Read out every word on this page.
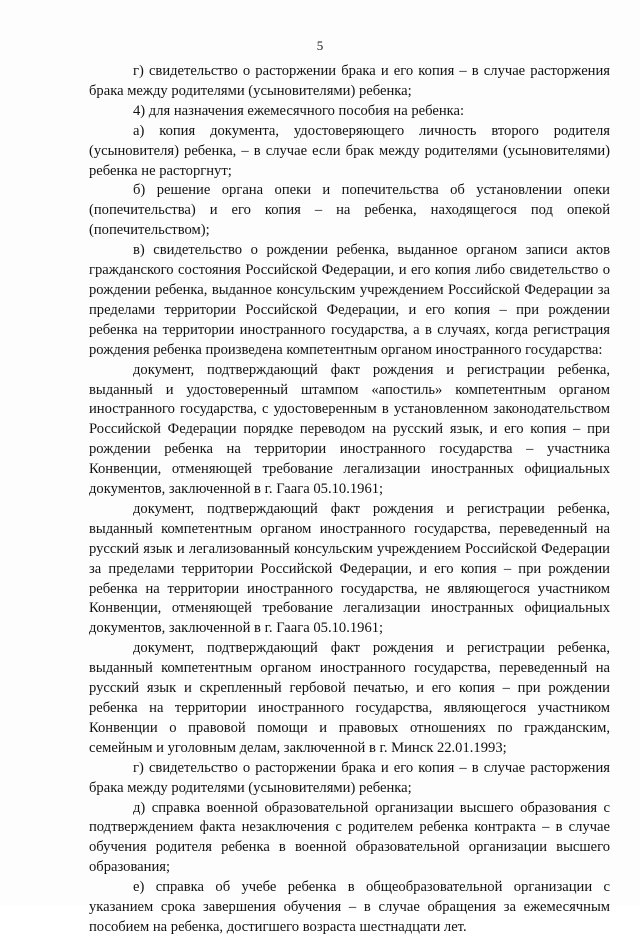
5

г) свидетельство о расторжении брака и его копия – в случае расторжения брака между родителями (усыновителями) ребенка;

4) для назначения ежемесячного пособия на ребенка:

а) копия документа, удостоверяющего личность второго родителя (усыновителя) ребенка, – в случае если брак между родителями (усыновителями) ребенка не расторгнут;

б) решение органа опеки и попечительства об установлении опеки (попечительства) и его копия – на ребенка, находящегося под опекой (попечительством);

в) свидетельство о рождении ребенка, выданное органом записи актов гражданского состояния Российской Федерации, и его копия либо свидетельство о рождении ребенка, выданное консульским учреждением Российской Федерации за пределами территории Российской Федерации, и его копия – при рождении ребенка на территории иностранного государства, а в случаях, когда регистрация рождения ребенка произведена компетентным органом иностранного государства:

документ, подтверждающий факт рождения и регистрации ребенка, выданный и удостоверенный штампом «апостиль» компетентным органом иностранного государства, с удостоверенным в установленном законодательством Российской Федерации порядке переводом на русский язык, и его копия – при рождении ребенка на территории иностранного государства – участника Конвенции, отменяющей требование легализации иностранных официальных документов, заключенной в г. Гаага 05.10.1961;

документ, подтверждающий факт рождения и регистрации ребенка, выданный компетентным органом иностранного государства, переведенный на русский язык и легализованный консульским учреждением Российской Федерации за пределами территории Российской Федерации, и его копия – при рождении ребенка на территории иностранного государства, не являющегося участником Конвенции, отменяющей требование легализации иностранных официальных документов, заключенной в г. Гаага 05.10.1961;

документ, подтверждающий факт рождения и регистрации ребенка, выданный компетентным органом иностранного государства, переведенный на русский язык и скрепленный гербовой печатью, и его копия – при рождении ребенка на территории иностранного государства, являющегося участником Конвенции о правовой помощи и правовых отношениях по гражданским, семейным и уголовным делам, заключенной в г. Минск 22.01.1993;

г) свидетельство о расторжении брака и его копия – в случае расторжения брака между родителями (усыновителями) ребенка;

д) справка военной образовательной организации высшего образования с подтверждением факта незаключения с родителем ребенка контракта – в случае обучения родителя ребенка в военной образовательной организации высшего образования;

е) справка об учебе ребенка в общеобразовательной организации с указанием срока завершения обучения – в случае обращения за ежемесячным пособием на ребенка, достигшего возраста шестнадцати лет.
